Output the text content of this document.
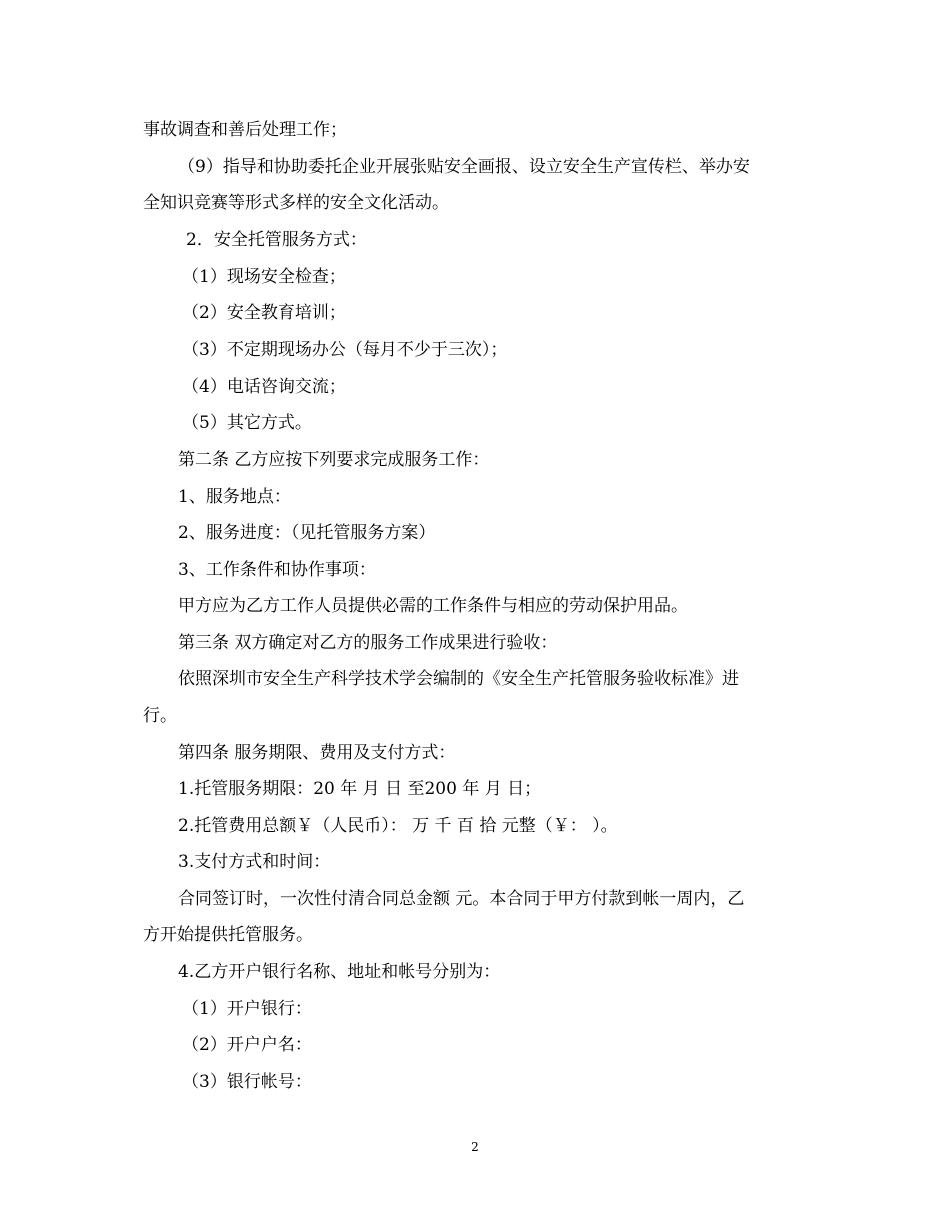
事故调查和善后处理工作；
（9）指导和协助委托企业开展张贴安全画报、设立安全生产宣传栏、举办安
全知识竞赛等形式多样的安全文化活动。
2．安全托管服务方式：
（1）现场安全检查；
（2）安全教育培训；
（3）不定期现场办公（每月不少于三次）；
（4）电话咨询交流；
（5）其它方式。
第二条 乙方应按下列要求完成服务工作：
1、服务地点：
2、服务进度：（见托管服务方案）
3、工作条件和协作事项：
甲方应为乙方工作人员提供必需的工作条件与相应的劳动保护用品。
第三条 双方确定对乙方的服务工作成果进行验收：
依照深圳市安全生产科学技术学会编制的《安全生产托管服务验收标准》进
行。
第四条 服务期限、费用及支付方式：
1.托管服务期限：20 年 月 日 至200 年 月 日；
2.托管费用总额￥（人民币）： 万 千 百 拾 元整（￥： ）。
3.支付方式和时间：
合同签订时，一次性付清合同总金额 元。本合同于甲方付款到帐一周内，乙
方开始提供托管服务。
4.乙方开户银行名称、地址和帐号分别为：
（1）开户银行：
（2）开户户名：
（3）银行帐号：
2
